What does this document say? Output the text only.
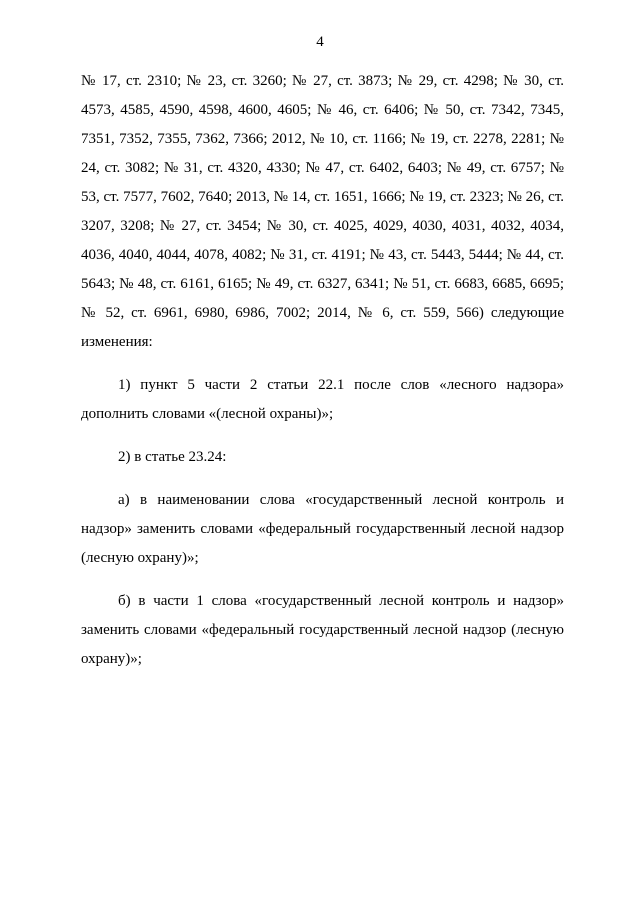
4

№ 17, ст. 2310; № 23, ст. 3260; № 27, ст. 3873; № 29, ст. 4298; № 30, ст. 4573, 4585, 4590, 4598, 4600, 4605; № 46, ст. 6406; № 50, ст. 7342, 7345, 7351, 7352, 7355, 7362, 7366; 2012, № 10, ст. 1166; № 19, ст. 2278, 2281; № 24, ст. 3082; № 31, ст. 4320, 4330; № 47, ст. 6402, 6403; № 49, ст. 6757; № 53, ст. 7577, 7602, 7640; 2013, № 14, ст. 1651, 1666; № 19, ст. 2323; № 26, ст. 3207, 3208; № 27, ст. 3454; № 30, ст. 4025, 4029, 4030, 4031, 4032, 4034, 4036, 4040, 4044, 4078, 4082; № 31, ст. 4191; № 43, ст. 5443, 5444; № 44, ст. 5643; № 48, ст. 6161, 6165; № 49, ст. 6327, 6341; № 51, ст. 6683, 6685, 6695; № 52, ст. 6961, 6980, 6986, 7002; 2014, № 6, ст. 559, 566) следующие изменения:

1) пункт 5 части 2 статьи 22.1 после слов «лесного надзора» дополнить словами «(лесной охраны)»;

2) в статье 23.24:

а) в наименовании слова «государственный лесной контроль и надзор» заменить словами «федеральный государственный лесной надзор (лесную охрану)»;

б) в части 1 слова «государственный лесной контроль и надзор» заменить словами «федеральный государственный лесной надзор (лесную охрану)»;
